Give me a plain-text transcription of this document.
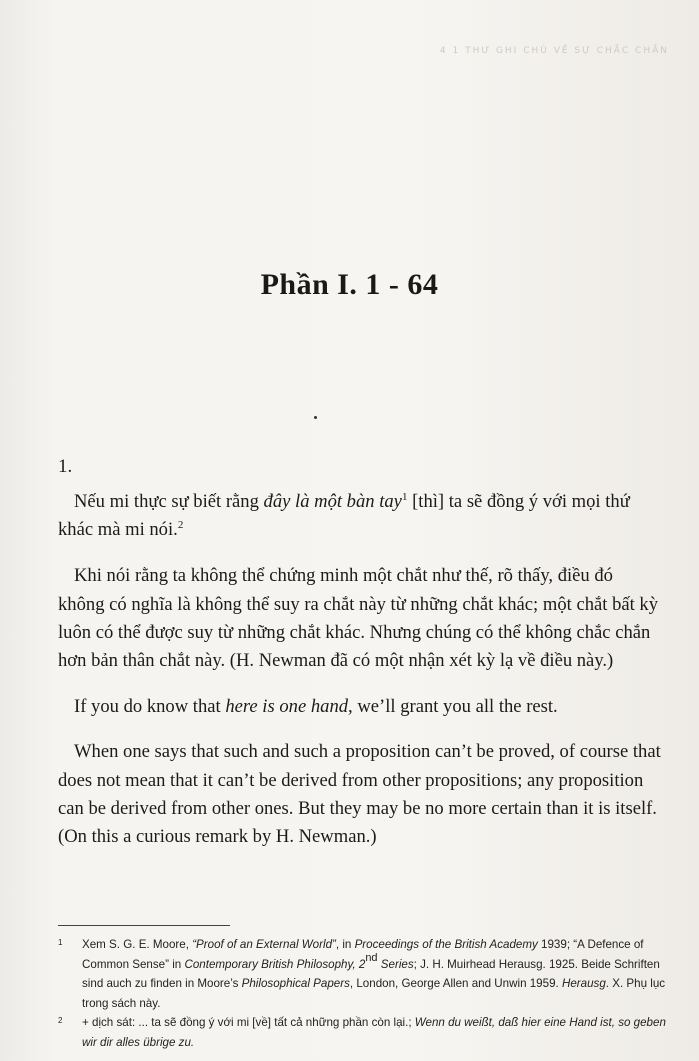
4 1 THƯ GHI CHÚ VỀ SỰ CHẮC CHẮN
Phần I. 1 - 64
1.

Nếu mi thực sự biết rằng đây là một bàn tay$^1$ [thì] ta sẽ đồng ý với mọi thứ khác mà mi nói.$^2$

Khi nói rằng ta không thể chứng minh một chắt như thế, rõ thấy, điều đó không có nghĩa là không thể suy ra chắt này từ những chắt khác; một chắt bất kỳ luôn có thể được suy từ những chắt khác. Nhưng chúng có thể không chắc chắn hơn bản thân chắt này. (H. Newman đã có một nhận xét kỳ lạ về điều này.)

If you do know that here is one hand, we’ll grant you all the rest.

When one says that such and such a proposition can’t be proved, of course that does not mean that it can’t be derived from other propositions; any proposition can be derived from other ones. But they may be no more certain than it is itself. (On this a curious remark by H. Newman.)

1 Xem S. G. E. Moore, “Proof of an External World”, in Proceedings of the British Academy 1939; “A Defence of Common Sense” in Contemporary British Philosophy, 2nd Series; J. H. Muirhead Herausg. 1925. Beide Schriften sind auch zu finden in Moore’s Philosophical Papers, London, George Allen and Unwin 1959. Herausg. X. Phụ lục trong sách này.
2 + dịch sát: ... ta sẽ đồng ý với mi [về] tất cả những phần còn lại.; Wenn du weißt, daß hier eine Hand ist, so geben wir dir alles übrige zu.
